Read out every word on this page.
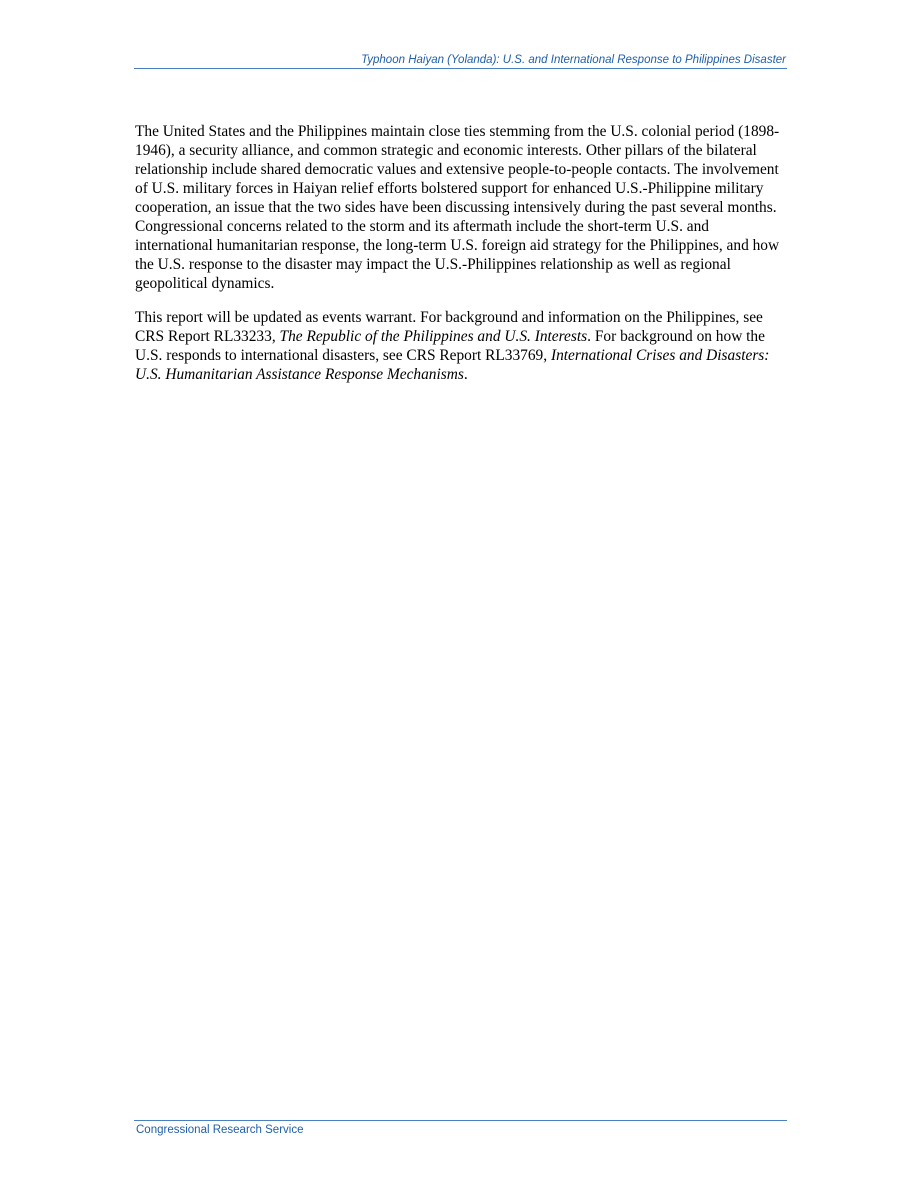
Typhoon Haiyan (Yolanda): U.S. and International Response to Philippines Disaster

The United States and the Philippines maintain close ties stemming from the U.S. colonial period (1898-1946), a security alliance, and common strategic and economic interests. Other pillars of the bilateral relationship include shared democratic values and extensive people-to-people contacts. The involvement of U.S. military forces in Haiyan relief efforts bolstered support for enhanced U.S.-Philippine military cooperation, an issue that the two sides have been discussing intensively during the past several months. Congressional concerns related to the storm and its aftermath include the short-term U.S. and international humanitarian response, the long-term U.S. foreign aid strategy for the Philippines, and how the U.S. response to the disaster may impact the U.S.-Philippines relationship as well as regional geopolitical dynamics.

This report will be updated as events warrant. For background and information on the Philippines, see CRS Report RL33233, The Republic of the Philippines and U.S. Interests. For background on how the U.S. responds to international disasters, see CRS Report RL33769, International Crises and Disasters: U.S. Humanitarian Assistance Response Mechanisms.

Congressional Research Service
